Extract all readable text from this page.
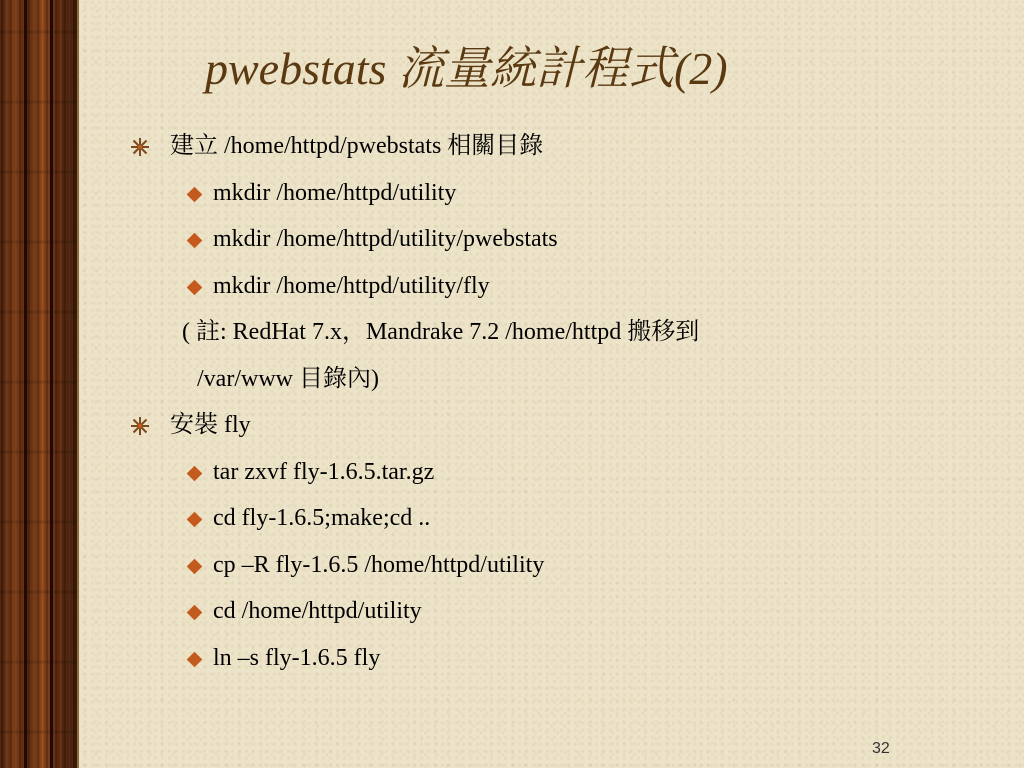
pwebstats 流量統計程式(2)
建立 /home/httpd/pwebstats 相關目錄
mkdir /home/httpd/utility
mkdir /home/httpd/utility/pwebstats
mkdir /home/httpd/utility/fly
( 註: RedHat 7.x，Mandrake 7.2 /home/httpd 搬移到
/var/www 目錄內)
安裝 fly
tar zxvf fly-1.6.5.tar.gz
cd fly-1.6.5;make;cd ..
cp –R fly-1.6.5 /home/httpd/utility
cd /home/httpd/utility
ln –s fly-1.6.5 fly
32
